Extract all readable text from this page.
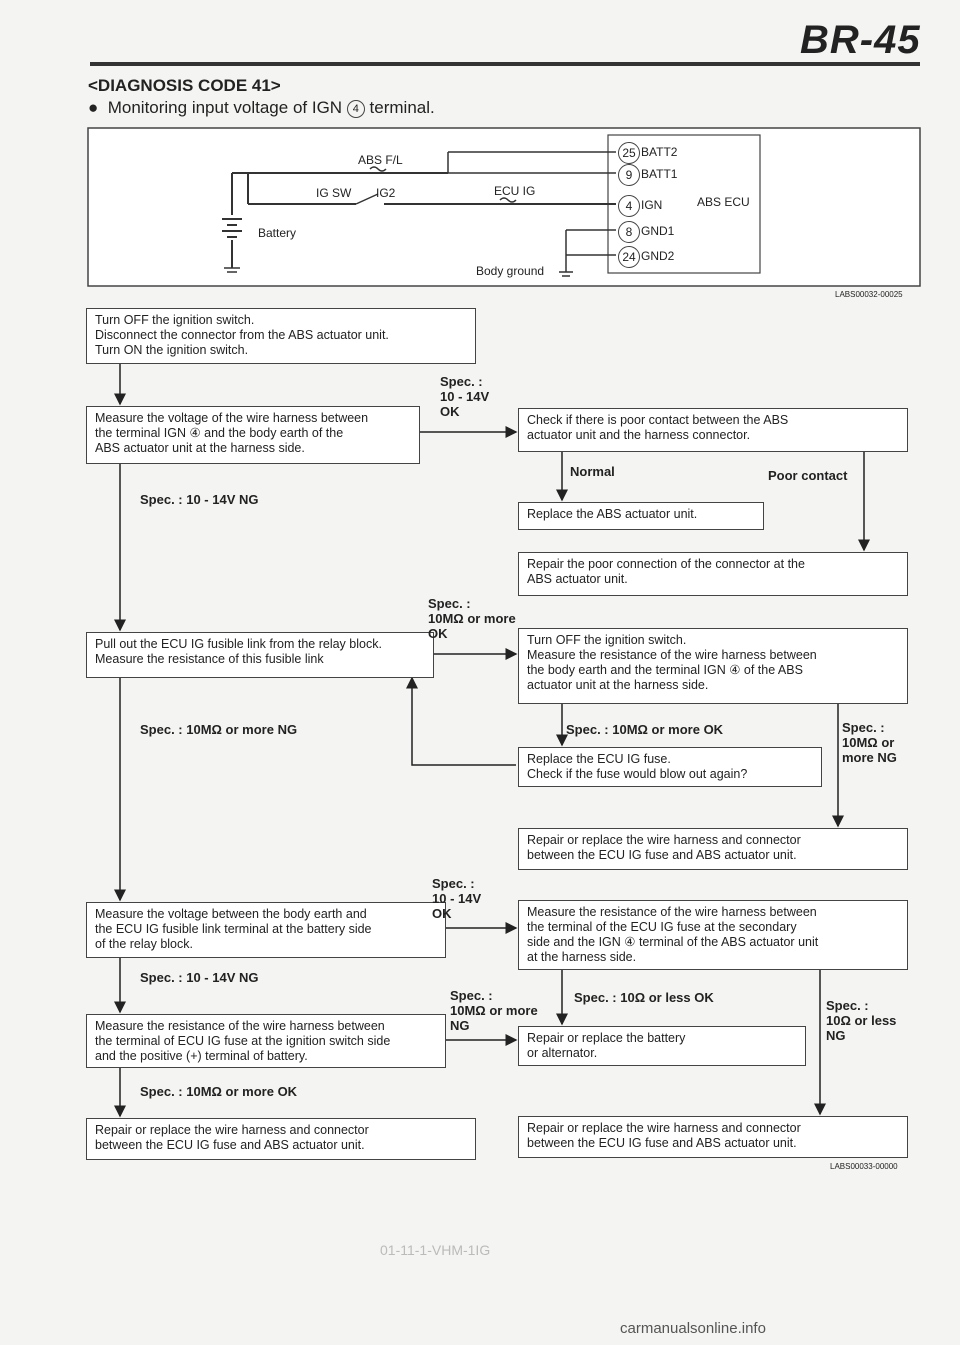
BR-45
<DIAGNOSIS CODE 41>
●  Monitoring input voltage of IGN 4 terminal.
ABS F/L
IG SW IG2	ECU IG
Battery
Body ground
ABS ECU
25 BATT2
9 BATT1
4 IGN
8 GND1
24 GND2
LABS00032-00025
Turn OFF the ignition switch.
Disconnect the connector from the ABS actuator unit.
Turn ON the ignition switch.
Measure the voltage of the wire harness between
the terminal IGN ④ and the body earth of the
ABS actuator unit at the harness side.
Check if there is poor contact between the ABS
actuator unit and the harness connector.
Replace the ABS actuator unit.
Repair the poor connection of the connector at the
ABS actuator unit.
Pull out the ECU IG fusible link from the relay block.
Measure the resistance of this fusible link
Turn OFF the ignition switch.
Measure the resistance of the wire harness between
the body earth and the terminal IGN ④ of the ABS
actuator unit at the harness side.
Replace the ECU IG fuse.
Check if the fuse would blow out again?
Repair or replace the wire harness and connector
between the ECU IG fuse and ABS actuator unit.
Measure the voltage between the body earth and
the ECU IG fusible link terminal at the battery side
of the relay block.
Measure the resistance of the wire harness between
the terminal of the ECU IG fuse at the secondary
side and the IGN ④ terminal of the ABS actuator unit
at the harness side.
Measure the resistance of the wire harness between
the terminal of ECU IG fuse at the ignition switch side
and the positive (+) terminal of battery.
Repair or replace the battery
or alternator.
Repair or replace the wire harness and connector
between the ECU IG fuse and ABS actuator unit.
Repair or replace the wire harness and connector
between the ECU IG fuse and ABS actuator unit.
Spec. :
10 - 14V
OK
Normal	Poor contact
Spec. : 10 - 14V NG
Spec. :
10MΩ or more
OK
Spec. : 10MΩ or more NG	Spec. : 10MΩ or more OK	Spec. :
10MΩ or
more NG
Spec. :
10 - 14V
OK
Spec. : 10 - 14V NG
Spec. :
10MΩ or more
NG
Spec. : 10Ω or less OK
Spec. :
10Ω or less
NG
Spec. : 10MΩ or more OK
LABS00033-00000
01-11-1-VHM-1IG
carmanualsonline.info
